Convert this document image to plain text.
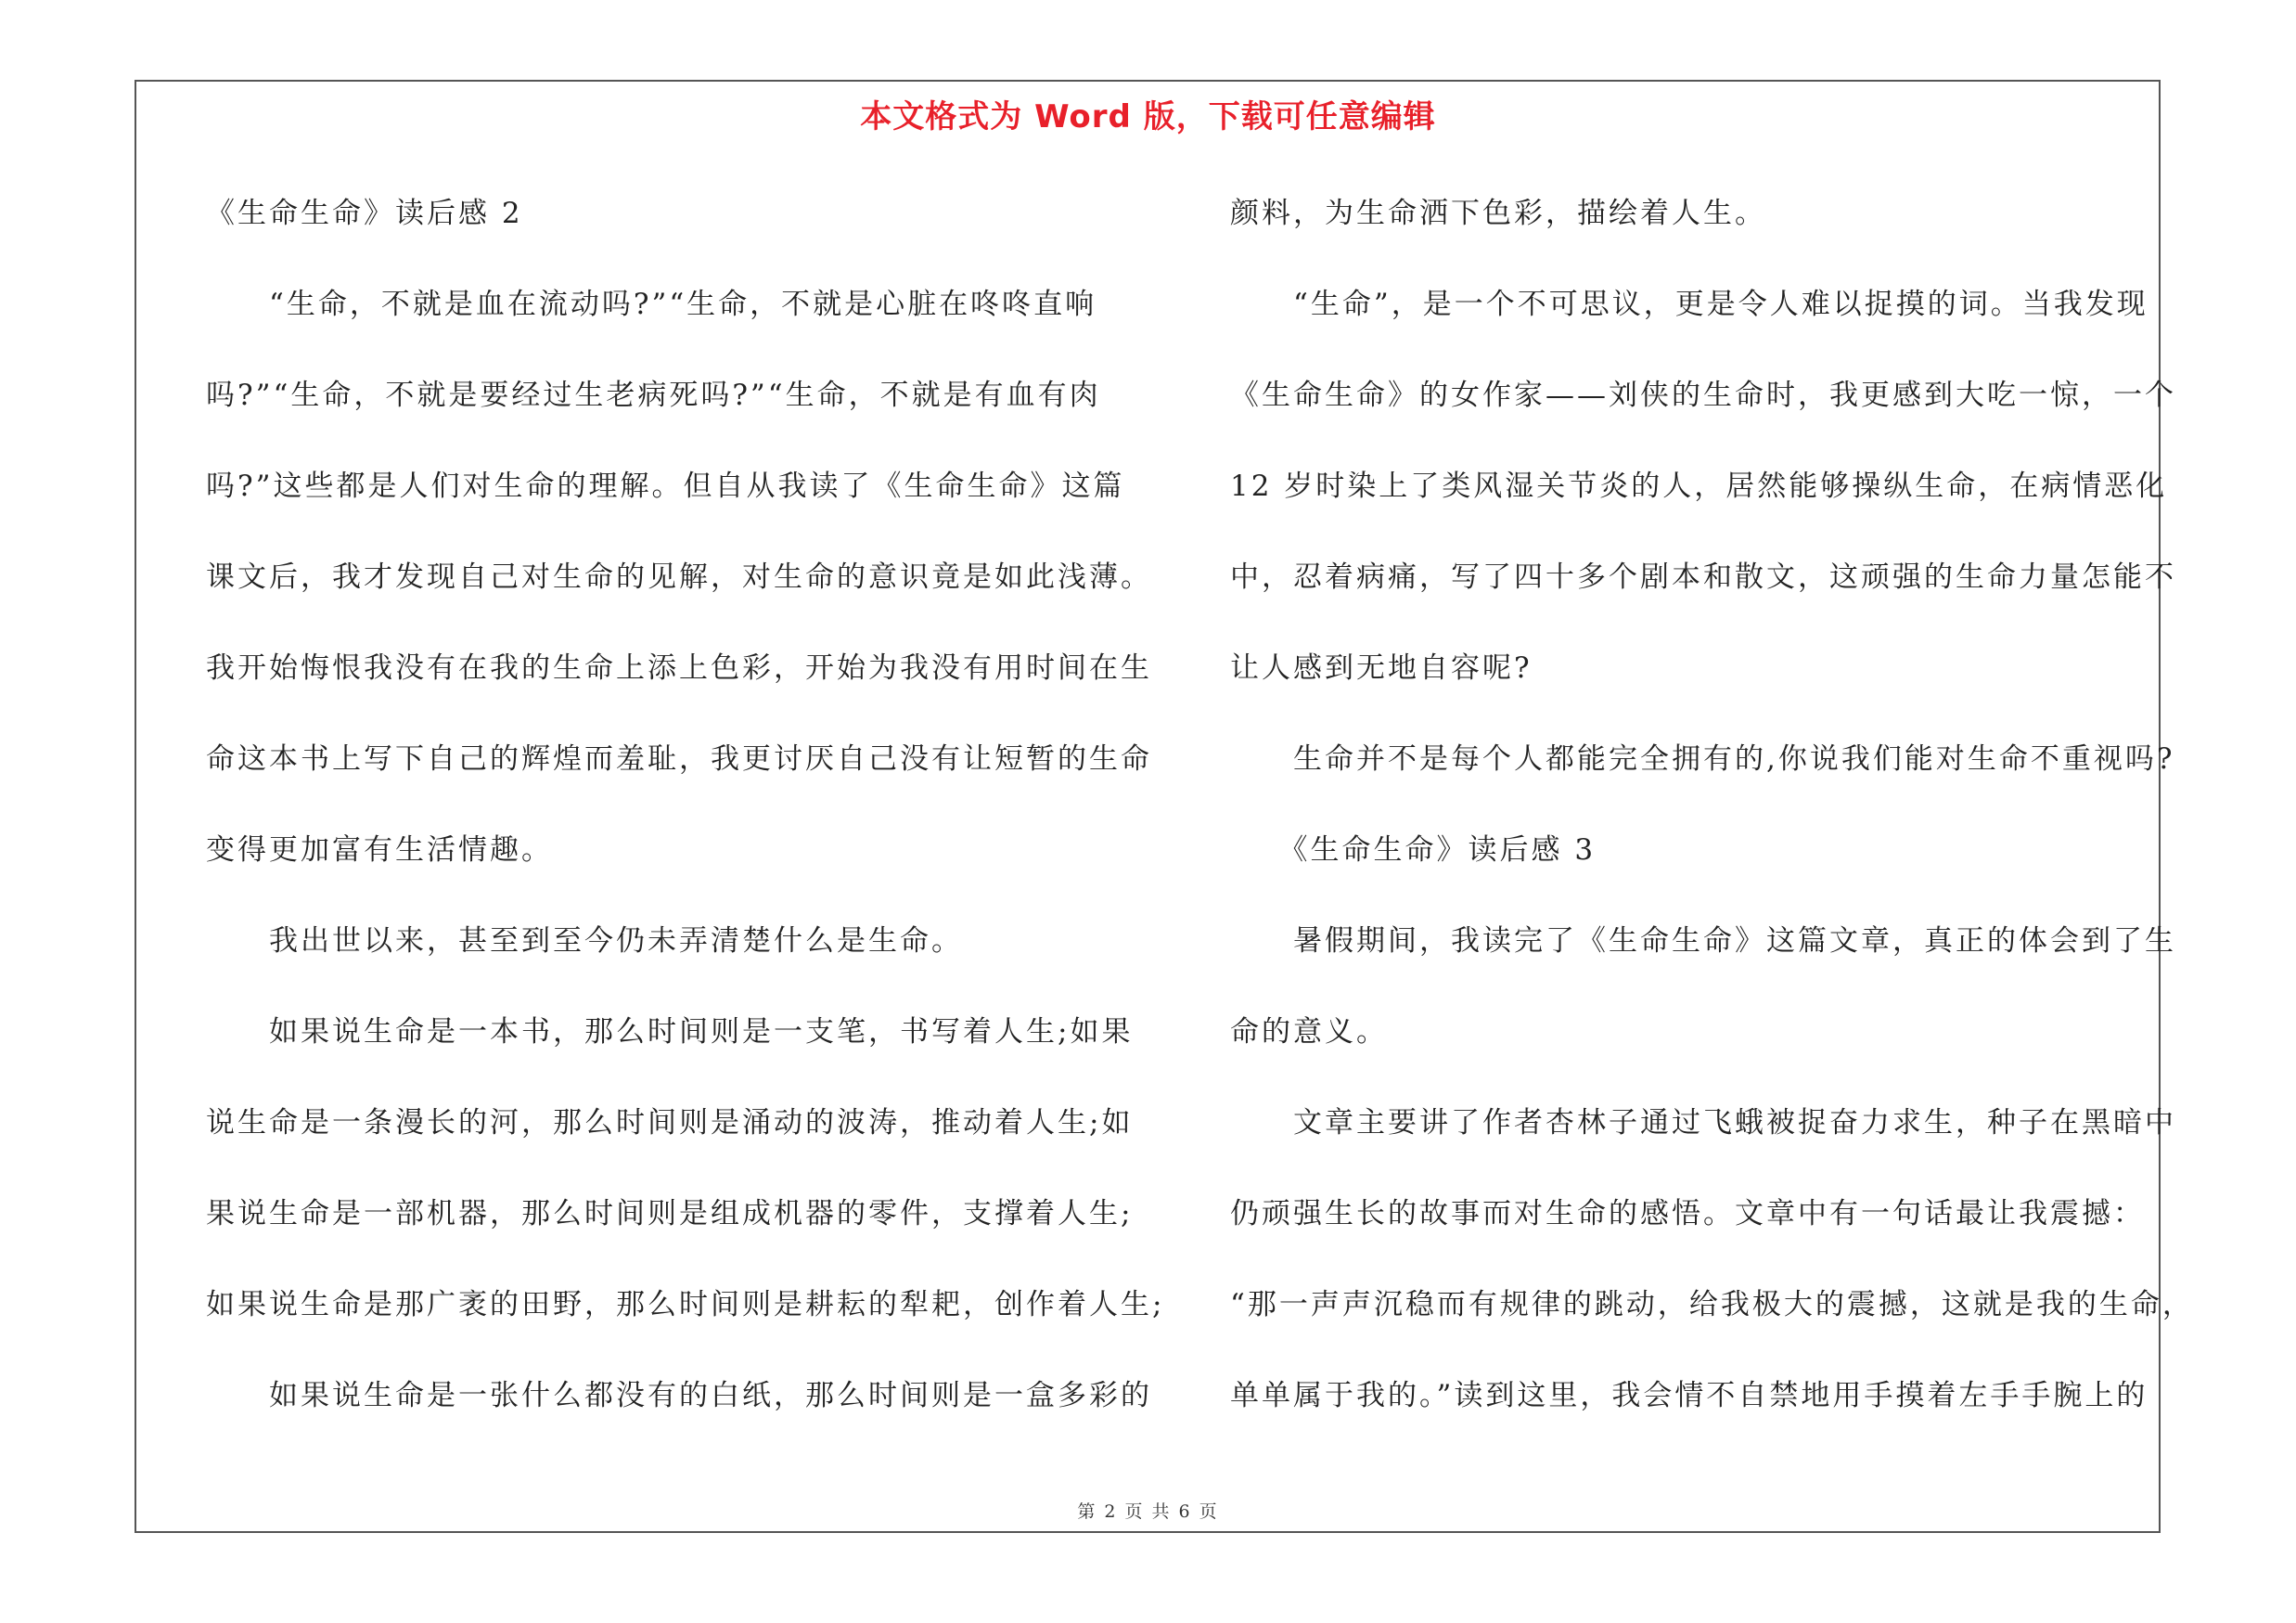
本文格式为 Word 版，下载可任意编辑
《生命生命》读后感 2
　　“生命，不就是血在流动吗?”“生命，不就是心脏在咚咚直响
吗?”“生命，不就是要经过生老病死吗?”“生命，不就是有血有肉
吗?”这些都是人们对生命的理解。但自从我读了《生命生命》这篇
课文后，我才发现自己对生命的见解，对生命的意识竟是如此浅薄。
我开始悔恨我没有在我的生命上添上色彩，开始为我没有用时间在生
命这本书上写下自己的辉煌而羞耻，我更讨厌自己没有让短暂的生命
变得更加富有生活情趣。
　　我出世以来，甚至到至今仍未弄清楚什么是生命。
　　如果说生命是一本书，那么时间则是一支笔，书写着人生;如果
说生命是一条漫长的河，那么时间则是涌动的波涛，推动着人生;如
果说生命是一部机器，那么时间则是组成机器的零件，支撑着人生;
如果说生命是那广袤的田野，那么时间则是耕耘的犁耙，创作着人生;
　　如果说生命是一张什么都没有的白纸，那么时间则是一盒多彩的
颜料，为生命洒下色彩，描绘着人生。
　　“生命”，是一个不可思议，更是令人难以捉摸的词。当我发现
《生命生命》的女作家——刘侠的生命时，我更感到大吃一惊，一个
12 岁时染上了类风湿关节炎的人，居然能够操纵生命，在病情恶化
中，忍着病痛，写了四十多个剧本和散文，这顽强的生命力量怎能不
让人感到无地自容呢?
　　生命并不是每个人都能完全拥有的,你说我们能对生命不重视吗?
　　《生命生命》读后感 3
　　暑假期间，我读完了《生命生命》这篇文章，真正的体会到了生
命的意义。
　　文章主要讲了作者杏林子通过飞蛾被捉奋力求生，种子在黑暗中
仍顽强生长的故事而对生命的感悟。文章中有一句话最让我震撼：
“那一声声沉稳而有规律的跳动，给我极大的震撼，这就是我的生命，
单单属于我的。”读到这里，我会情不自禁地用手摸着左手手腕上的
第 2 页 共 6 页
